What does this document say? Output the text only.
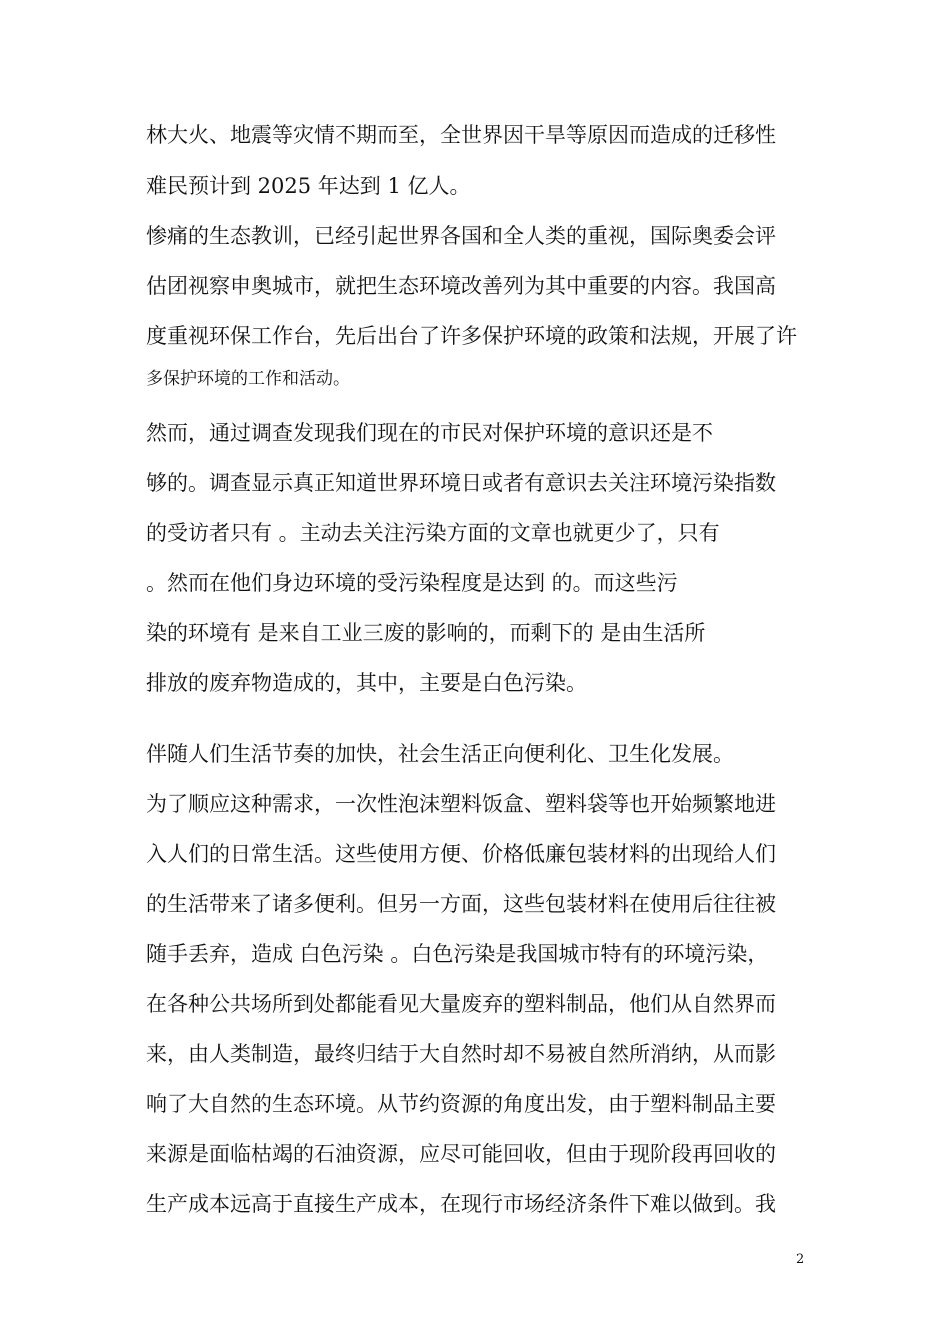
林大火、地震等灾情不期而至，全世界因干旱等原因而造成的迁移性
难民预计到 2025 年达到 1 亿人。
惨痛的生态教训，已经引起世界各国和全人类的重视，国际奥委会评
估团视察申奥城市，就把生态环境改善列为其中重要的内容。我国高
度重视环保工作台，先后出台了许多保护环境的政策和法规，开展了许
多保护环境的工作和活动。
然而，通过调查发现我们现在的市民对保护环境的意识还是不
够的。调查显示真正知道世界环境日或者有意识去关注环境污染指数
的受访者只有 。主动去关注污染方面的文章也就更少了，只有
。然而在他们身边环境的受污染程度是达到 的。而这些污
染的环境有 是来自工业三废的影响的，而剩下的 是由生活所
排放的废弃物造成的，其中，主要是白色污染。
伴随人们生活节奏的加快，社会生活正向便利化、卫生化发展。
为了顺应这种需求，一次性泡沫塑料饭盒、塑料袋等也开始频繁地进
入人们的日常生活。这些使用方便、价格低廉包装材料的出现给人们
的生活带来了诸多便利。但另一方面，这些包装材料在使用后往往被
随手丢弃，造成 白色污染 。白色污染是我国城市特有的环境污染，
在各种公共场所到处都能看见大量废弃的塑料制品，他们从自然界而
来，由人类制造，最终归结于大自然时却不易被自然所消纳，从而影
响了大自然的生态环境。从节约资源的角度出发，由于塑料制品主要
来源是面临枯竭的石油资源，应尽可能回收，但由于现阶段再回收的
生产成本远高于直接生产成本，在现行市场经济条件下难以做到。我
2
